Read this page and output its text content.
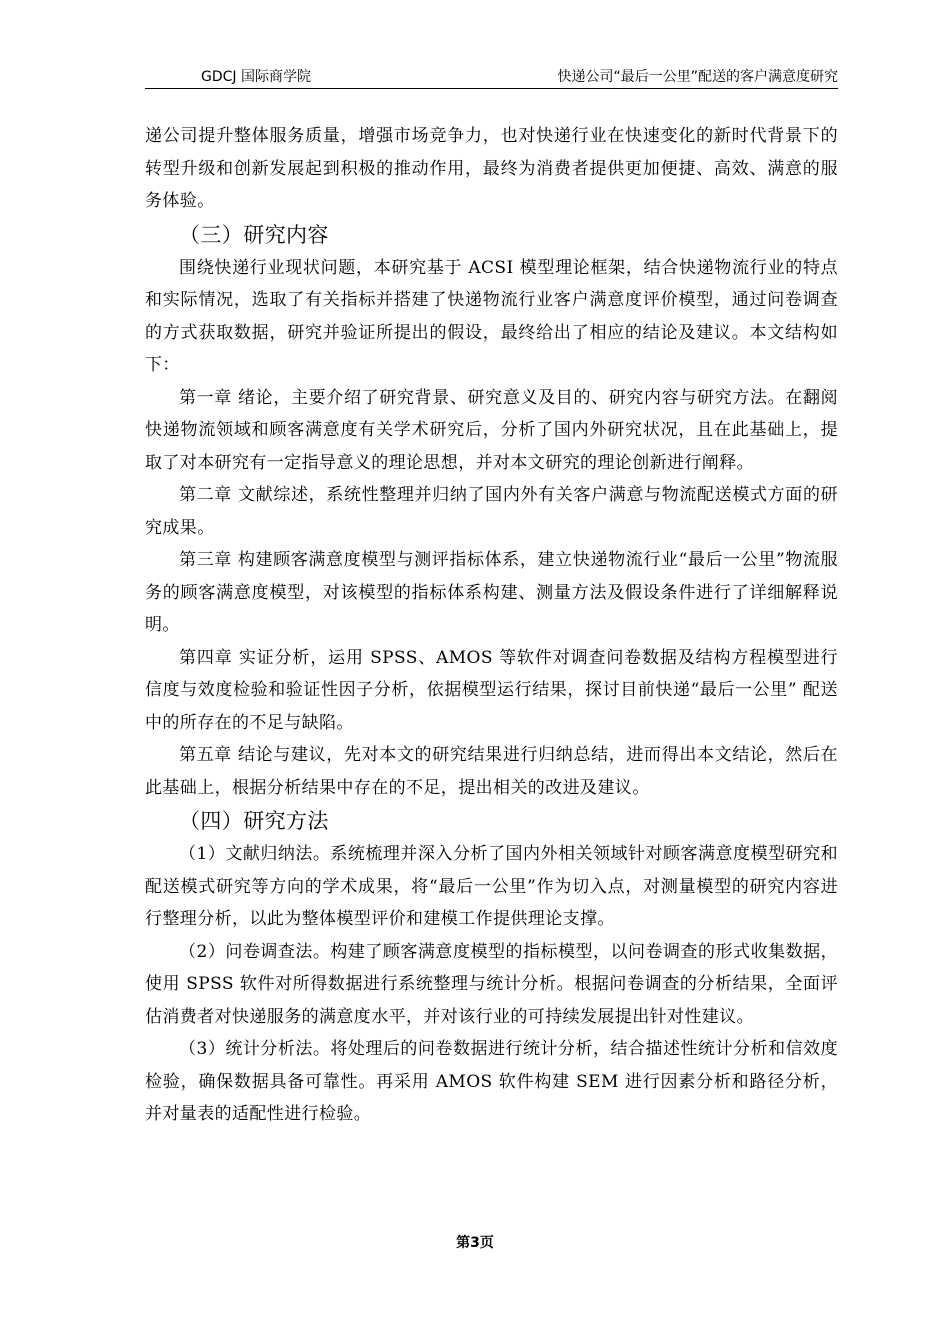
GDCJ 国际商学院	快递公司“最后一公里”配送的客户满意度研究

递公司提升整体服务质量，增强市场竞争力，也对快递行业在快速变化的新时代背景下的转型升级和创新发展起到积极的推动作用，最终为消费者提供更加便捷、高效、满意的服务体验。

（三）研究内容

围绕快递行业现状问题，本研究基于 ACSI 模型理论框架，结合快递物流行业的特点和实际情况，选取了有关指标并搭建了快递物流行业客户满意度评价模型，通过问卷调查的方式获取数据，研究并验证所提出的假设，最终给出了相应的结论及建议。本文结构如下：

第一章 绪论，主要介绍了研究背景、研究意义及目的、研究内容与研究方法。在翻阅快递物流领域和顾客满意度有关学术研究后，分析了国内外研究状况，且在此基础上，提取了对本研究有一定指导意义的理论思想，并对本文研究的理论创新进行阐释。

第二章 文献综述，系统性整理并归纳了国内外有关客户满意与物流配送模式方面的研究成果。

第三章 构建顾客满意度模型与测评指标体系，建立快递物流行业“最后一公里”物流服务的顾客满意度模型，对该模型的指标体系构建、测量方法及假设条件进行了详细解释说明。

第四章 实证分析，运用 SPSS、AMOS 等软件对调查问卷数据及结构方程模型进行信度与效度检验和验证性因子分析，依据模型运行结果，探讨目前快递“最后一公里” 配送中的所存在的不足与缺陷。

第五章 结论与建议，先对本文的研究结果进行归纳总结，进而得出本文结论，然后在此基础上，根据分析结果中存在的不足，提出相关的改进及建议。

（四）研究方法

（1）文献归纳法。系统梳理并深入分析了国内外相关领域针对顾客满意度模型研究和配送模式研究等方向的学术成果，将“最后一公里”作为切入点，对测量模型的研究内容进行整理分析，以此为整体模型评价和建模工作提供理论支撑。

（2）问卷调查法。构建了顾客满意度模型的指标模型，以问卷调查的形式收集数据，使用 SPSS 软件对所得数据进行系统整理与统计分析。根据问卷调查的分析结果，全面评估消费者对快递服务的满意度水平，并对该行业的可持续发展提出针对性建议。

（3）统计分析法。将处理后的问卷数据进行统计分析，结合描述性统计分析和信效度检验，确保数据具备可靠性。再采用 AMOS 软件构建 SEM 进行因素分析和路径分析，并对量表的适配性进行检验。

第3页
